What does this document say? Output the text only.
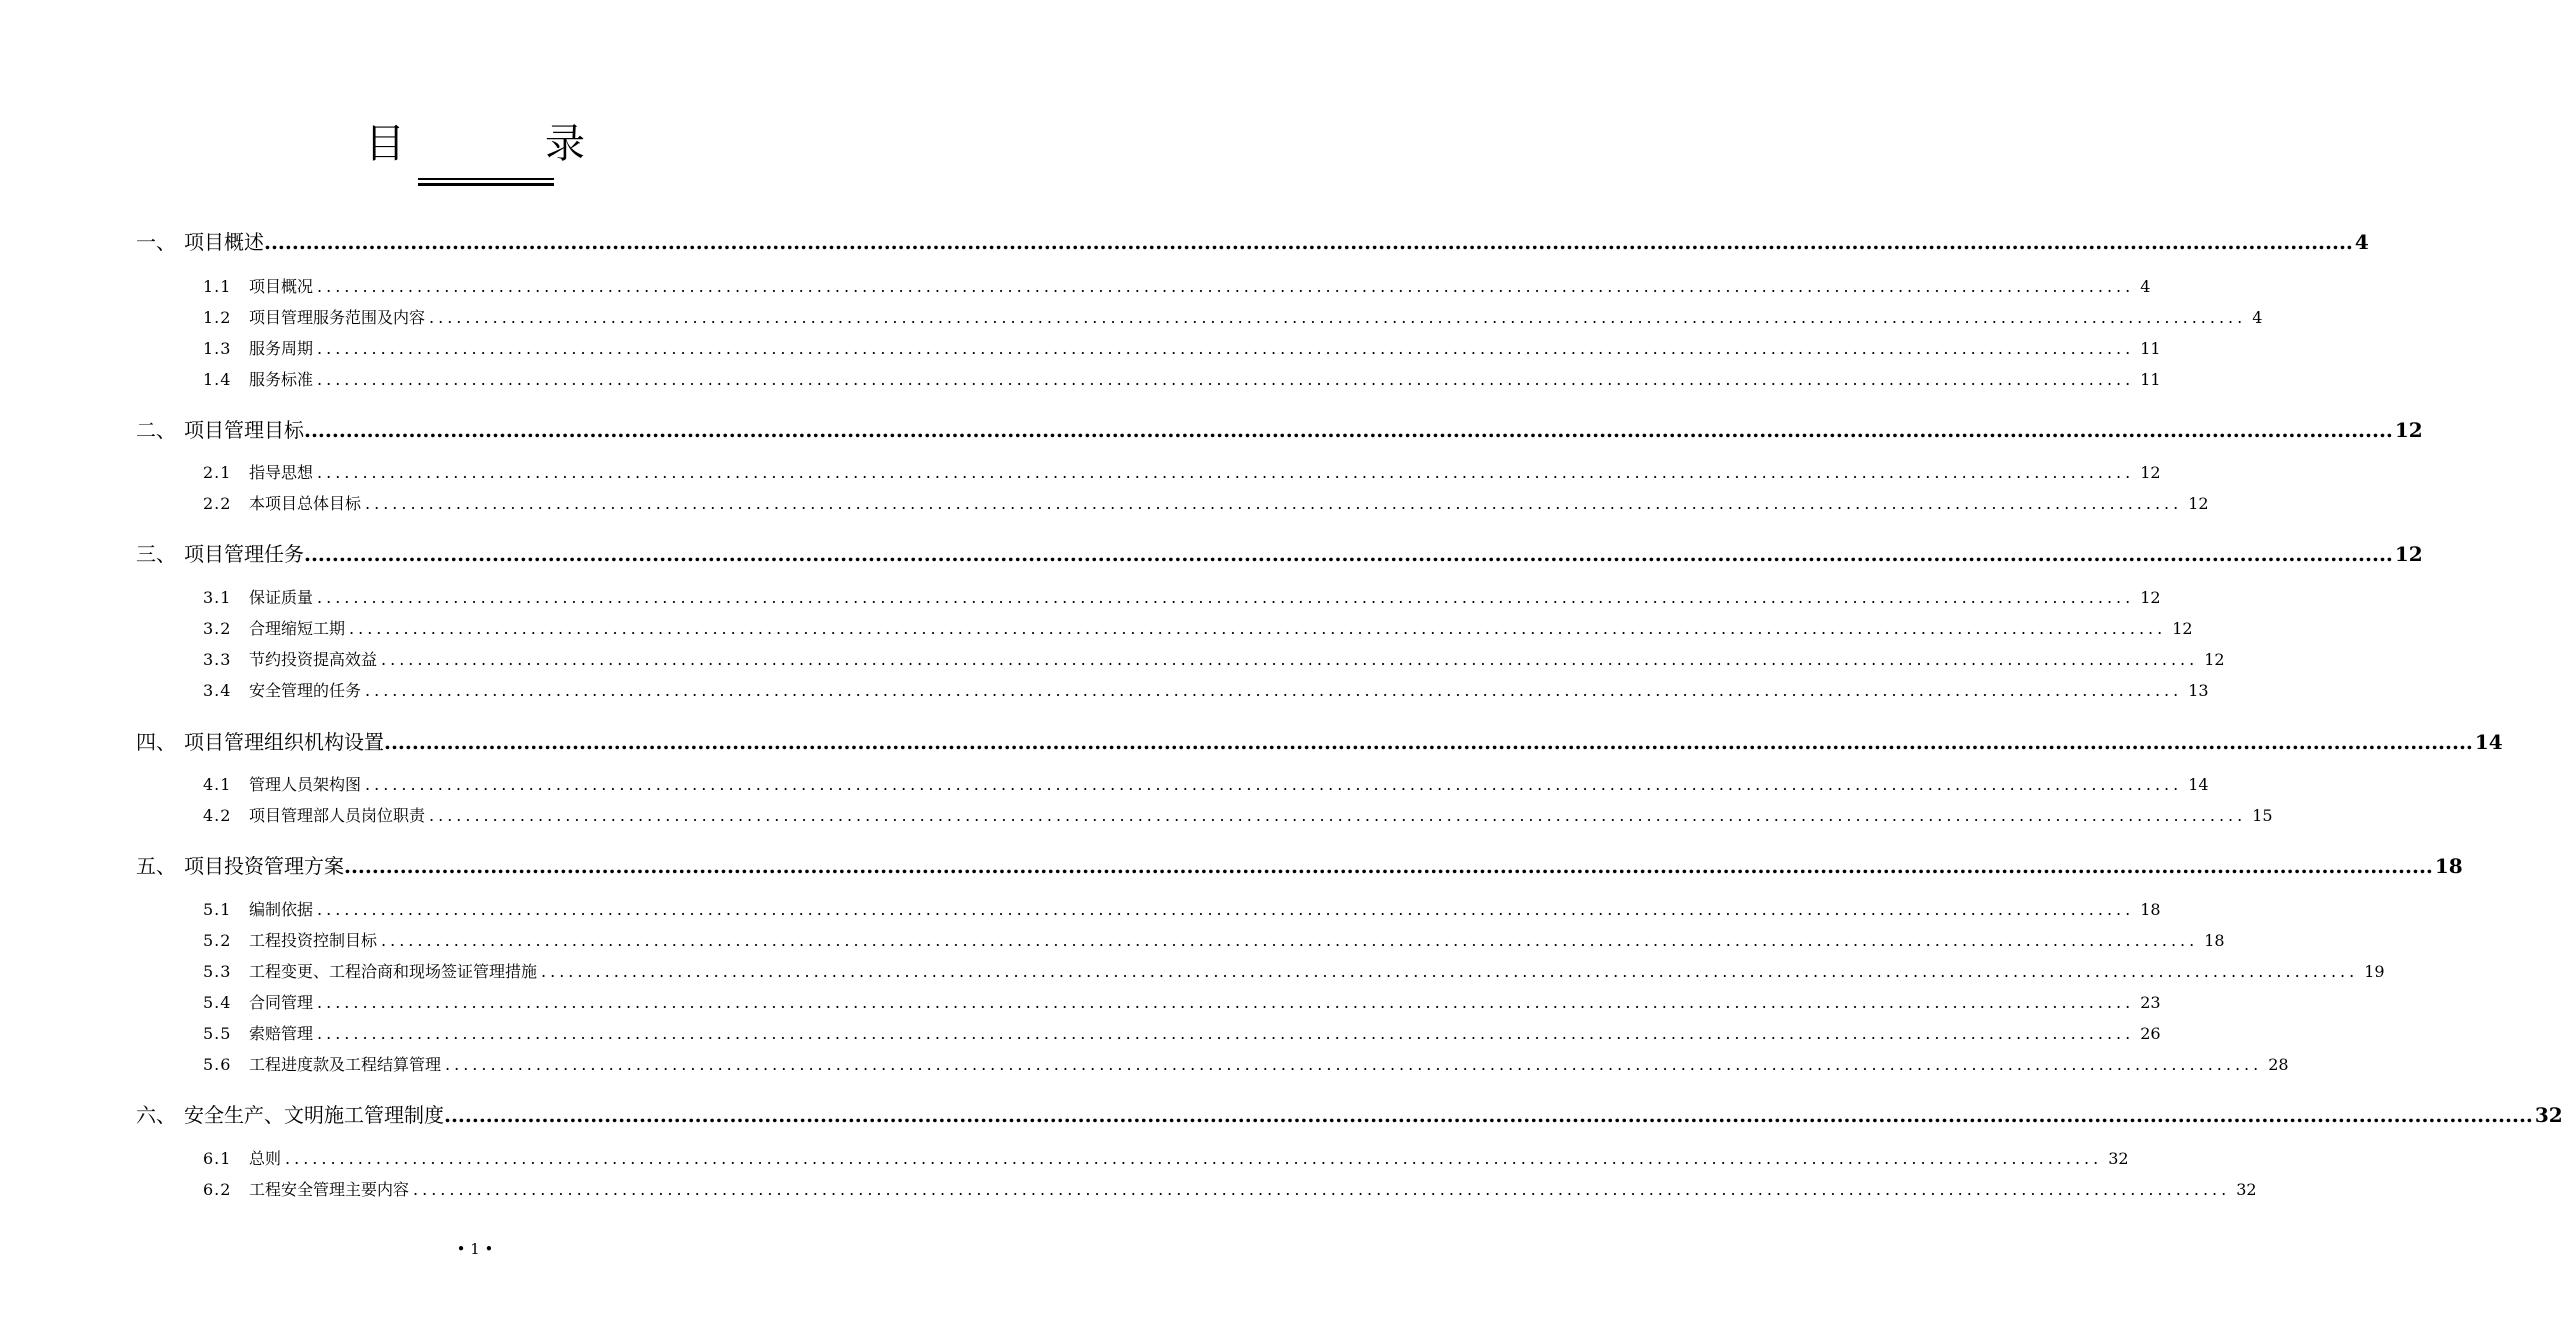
目　录
一、 项目概述 ............................................................................................................................................................................................................................................................................................................ 4
1.1	项目概况 ........................................................................................................................................................................................................ 4
1.2	项目管理服务范围及内容 ........................................................................................................................................................................................................ 4
1.3	服务周期 ........................................................................................................................................................................................................ 11
1.4	服务标准 ........................................................................................................................................................................................................ 11
二、 项目管理目标 ............................................................................................................................................................................................................................................................................................................ 12
2.1	指导思想 ........................................................................................................................................................................................................ 12
2.2	本项目总体目标 ........................................................................................................................................................................................................ 12
三、 项目管理任务 ............................................................................................................................................................................................................................................................................................................ 12
3.1	保证质量 ........................................................................................................................................................................................................ 12
3.2	合理缩短工期 ........................................................................................................................................................................................................ 12
3.3	节约投资提高效益 ........................................................................................................................................................................................................ 12
3.4	安全管理的任务 ........................................................................................................................................................................................................ 13
四、 项目管理组织机构设置 ............................................................................................................................................................................................................................................................................................................ 14
4.1	管理人员架构图 ........................................................................................................................................................................................................ 14
4.2	项目管理部人员岗位职责 ........................................................................................................................................................................................................ 15
五、 项目投资管理方案 ............................................................................................................................................................................................................................................................................................................ 18
5.1	编制依据 ........................................................................................................................................................................................................ 18
5.2	工程投资控制目标 ........................................................................................................................................................................................................ 18
5.3	工程变更、工程洽商和现场签证管理措施 ........................................................................................................................................................................................................ 19
5.4	合同管理 ........................................................................................................................................................................................................ 23
5.5	索赔管理 ........................................................................................................................................................................................................ 26
5.6	工程进度款及工程结算管理 ........................................................................................................................................................................................................ 28
六、 安全生产、文明施工管理制度 ............................................................................................................................................................................................................................................................................................................ 32
6.1	总则 ........................................................................................................................................................................................................ 32
6.2	工程安全管理主要内容 ........................................................................................................................................................................................................ 32
• 1 •
